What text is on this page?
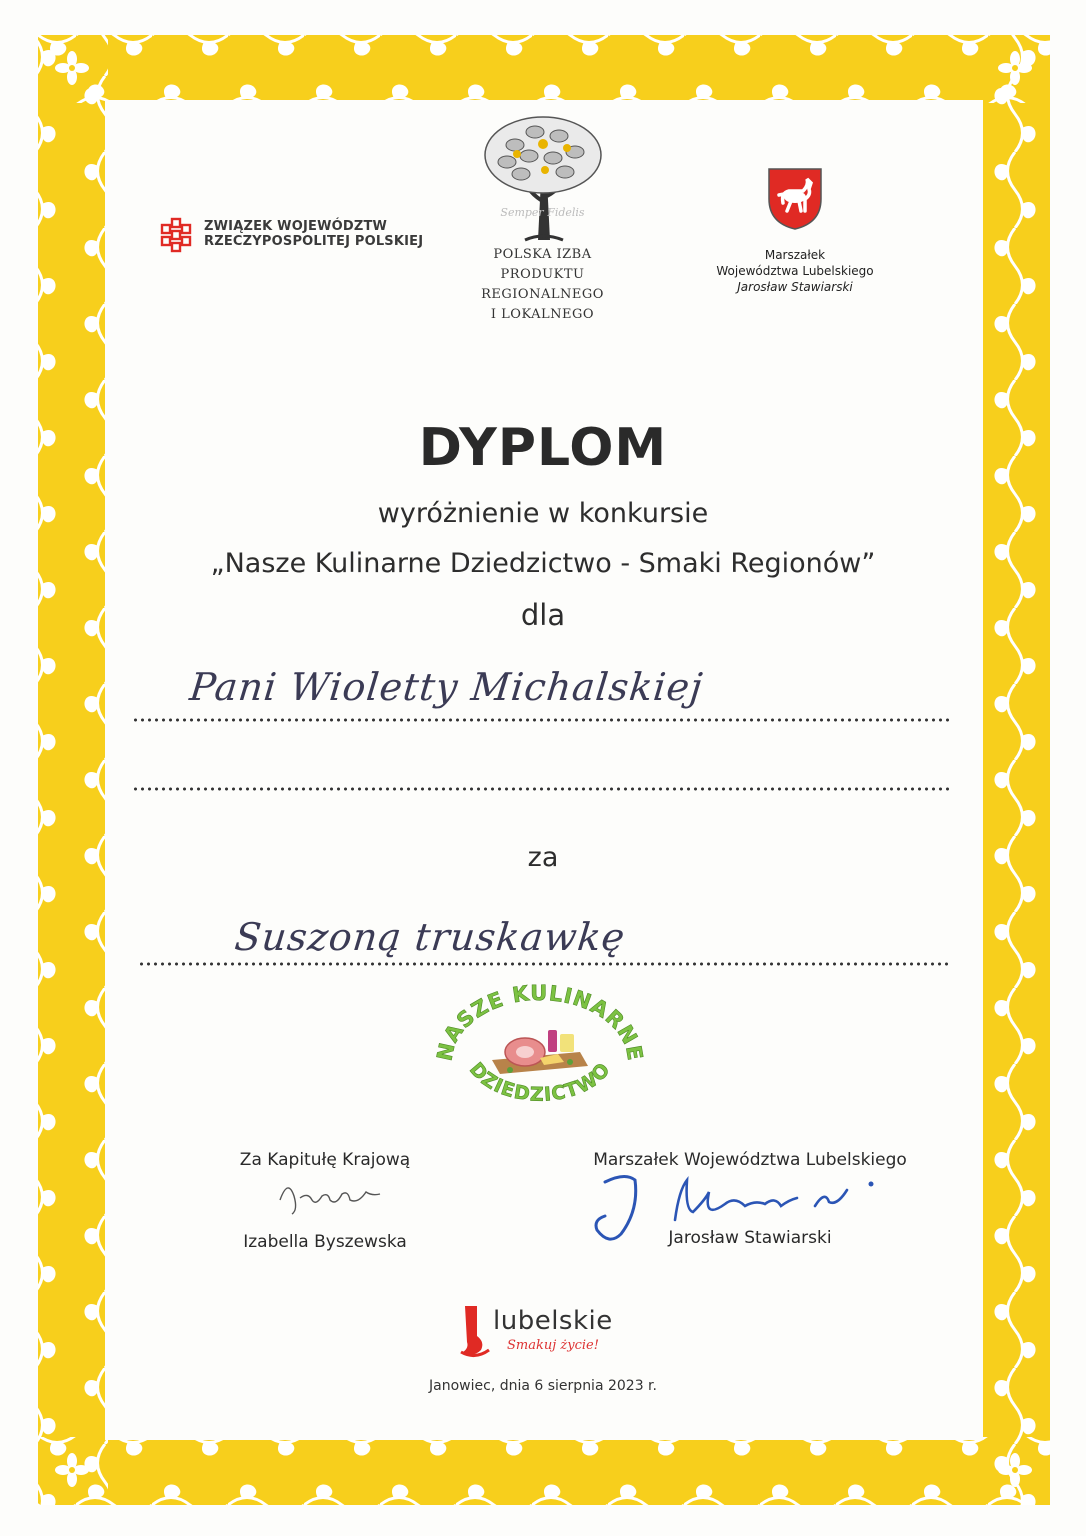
ZWIĄZEK WOJEWÓDZTW
RZECZYPOSPOLITEJ POLSKIEJ
Semper Fidelis
POLSKA IZBA
PRODUKTU
REGIONALNEGO
I LOKALNEGO
Marszałek
Województwa Lubelskiego
Jarosław Stawiarski
DYPLOM
wyróżnienie w konkursie
„Nasze Kulinarne Dziedzictwo - Smaki Regionów”
dla
Pani Wioletty Michalskiej
za
Suszoną truskawkę
NASZE KULINARNE
DZIEDZICTWO
Za Kapitułę Krajową
Izabella Byszewska
Marszałek Województwa Lubelskiego
Jarosław Stawiarski
lubelskie
Smakuj życie!
Janowiec, dnia 6 sierpnia 2023 r.
